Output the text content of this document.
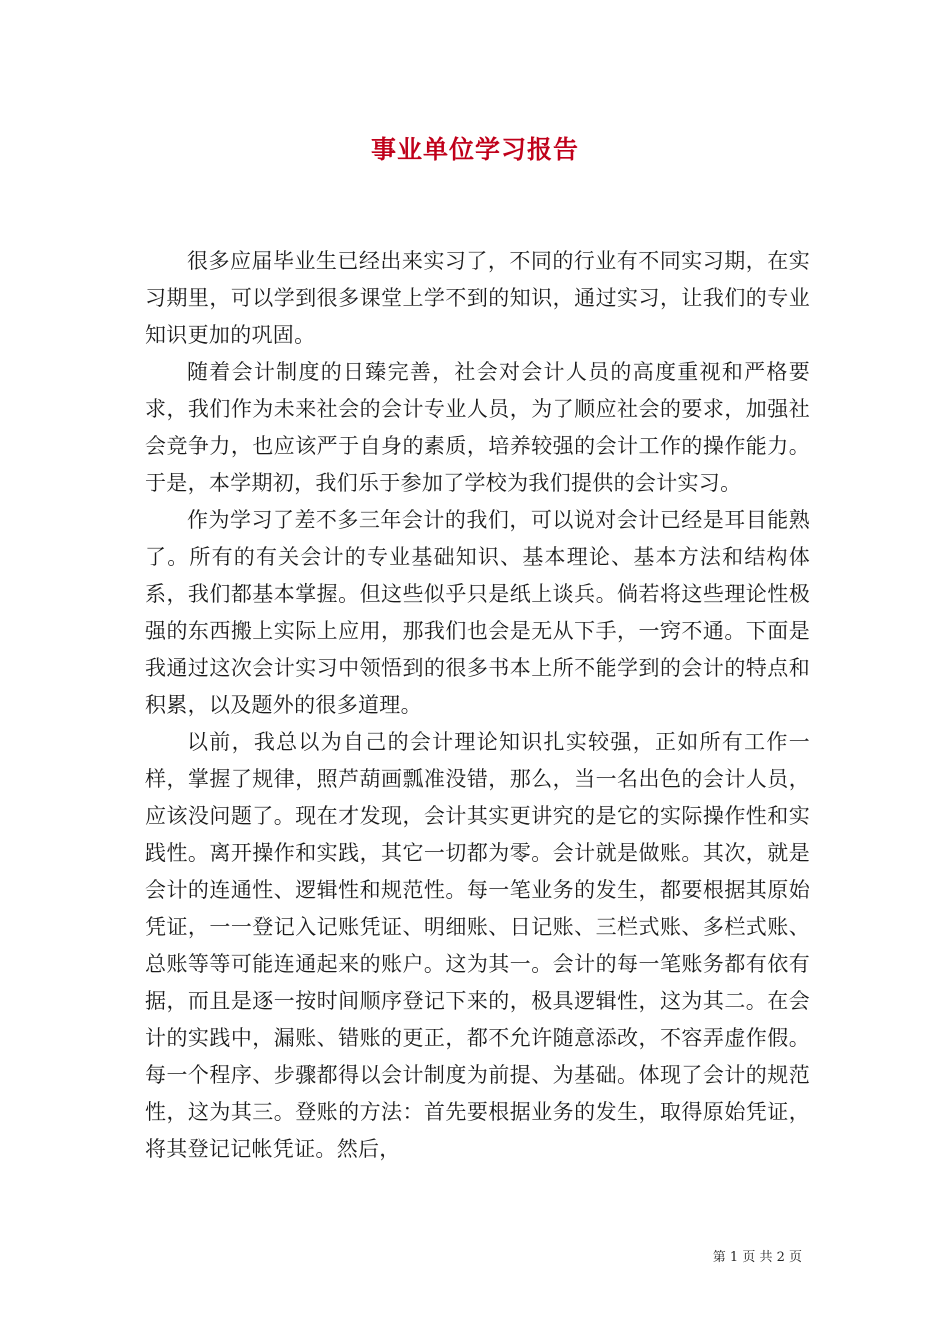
事业单位学习报告

很多应届毕业生已经出来实习了，不同的行业有不同实习期，在实习期里，可以学到很多课堂上学不到的知识，通过实习，让我们的专业知识更加的巩固。

随着会计制度的日臻完善，社会对会计人员的高度重视和严格要求，我们作为未来社会的会计专业人员，为了顺应社会的要求，加强社会竞争力，也应该严于自身的素质，培养较强的会计工作的操作能力。于是，本学期初，我们乐于参加了学校为我们提供的会计实习。

作为学习了差不多三年会计的我们，可以说对会计已经是耳目能熟了。所有的有关会计的专业基础知识、基本理论、基本方法和结构体系，我们都基本掌握。但这些似乎只是纸上谈兵。倘若将这些理论性极强的东西搬上实际上应用，那我们也会是无从下手，一窍不通。下面是我通过这次会计实习中领悟到的很多书本上所不能学到的会计的特点和积累，以及题外的很多道理。

以前，我总以为自己的会计理论知识扎实较强，正如所有工作一样，掌握了规律，照芦葫画瓢准没错，那么，当一名出色的会计人员，应该没问题了。现在才发现，会计其实更讲究的是它的实际操作性和实践性。离开操作和实践，其它一切都为零。会计就是做账。其次，就是会计的连通性、逻辑性和规范性。每一笔业务的发生，都要根据其原始凭证，一一登记入记账凭证、明细账、日记账、三栏式账、多栏式账、总账等等可能连通起来的账户。这为其一。会计的每一笔账务都有依有据，而且是逐一按时间顺序登记下来的，极具逻辑性，这为其二。在会计的实践中，漏账、错账的更正，都不允许随意添改，不容弄虚作假。每一个程序、步骤都得以会计制度为前提、为基础。体现了会计的规范性，这为其三。登账的方法：首先要根据业务的发生，取得原始凭证，将其登记记帐凭证。然后，

第 1 页 共 2 页
